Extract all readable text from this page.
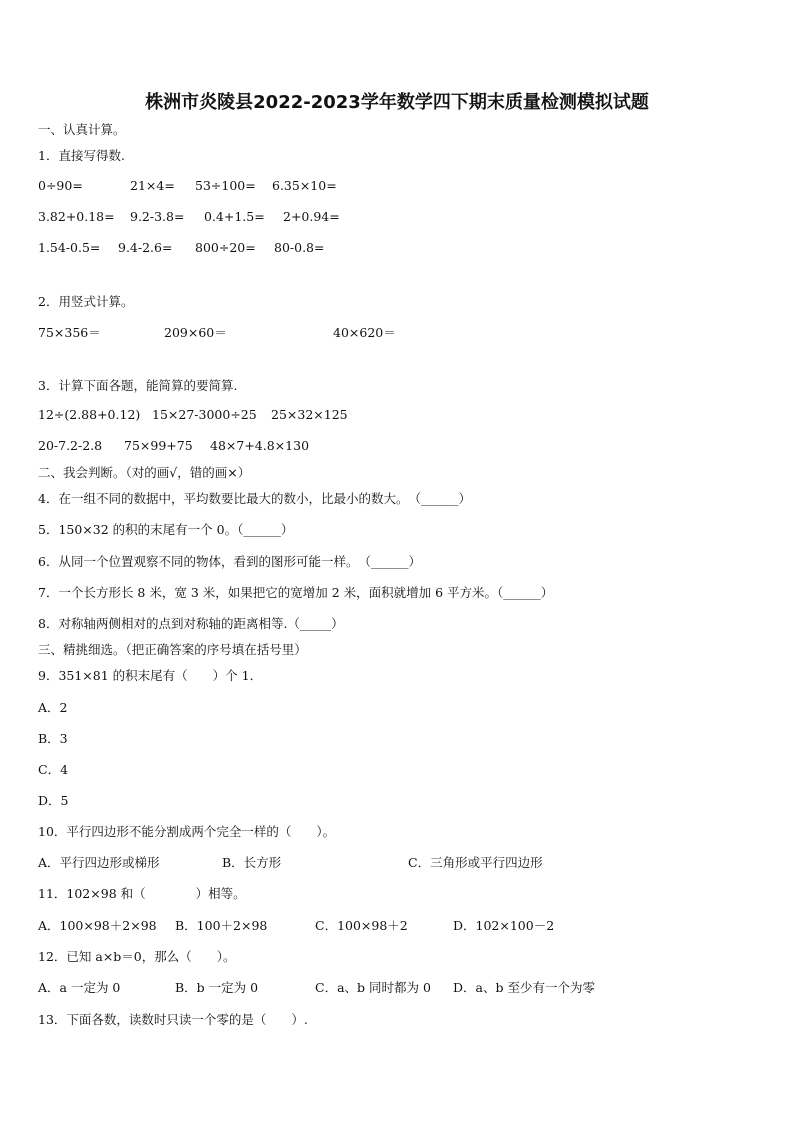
株洲市炎陵县2022-2023学年数学四下期末质量检测模拟试题
一、认真计算。
1．直接写得数.
0÷90=	21×4= 53÷100= 6.35×10=
3.82+0.18= 9.2-3.8= 0.4+1.5= 2+0.94=
1.54-0.5= 9.4-2.6= 800÷20= 80-0.8=
2．用竖式计算。
75×356＝	209×60＝	40×620＝
3．计算下面各题，能简算的要简算.
12÷(2.88+0.12) 15×27-3000÷25 25×32×125
20-7.2-2.8 75×99+75 48×7+4.8×130
二、我会判断。（对的画√，错的画×）
4．在一组不同的数据中，平均数要比最大的数小，比最小的数大。　（______）
5．150×32 的积的末尾有一个 0。（______）
6．从同一个位置观察不同的物体，看到的图形可能一样。　（______）
7．一个长方形长 8 米，宽 3 米，如果把它的宽增加 2 米，面积就增加 6 平方米。（______）
8．对称轴两侧相对的点到对称轴的距离相等.（_____）
三、精挑细选。（把正确答案的序号填在括号里）
9．351×81 的积末尾有（　　）个 1．
A．2
B．3
C．4
D．5
10．平行四边形不能分割成两个完全一样的（　　）。
A．平行四边形或梯形	B．长方形	C．三角形或平行四边形
11．102×98 和（　　　　）相等。
A．100×98＋2×98 B．100＋2×98	C．100×98＋2	D．102×100－2
12．已知 a×b＝0，那么（　　）。
A．a 一定为 0	B．b 一定为 0	C．a、b 同时都为 0 D．a、b 至少有一个为零
13．下面各数，读数时只读一个零的是（　　）.
